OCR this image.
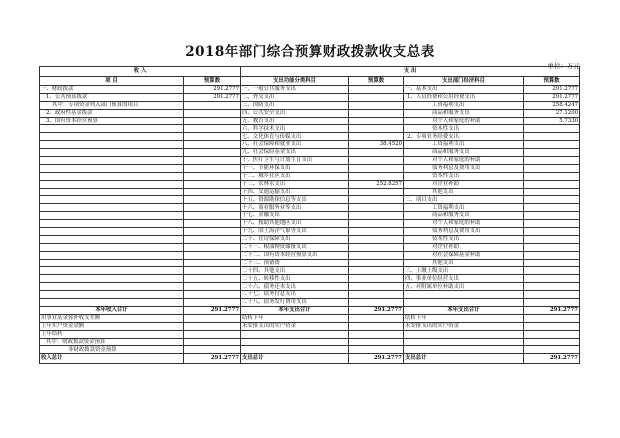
2018年部门综合预算财政拨款收支总表
单位：万元
收 入		支 出			
项 目	预算数	支出功能分类科目	预算数	支出部门经济科目	预算数
一、财政拨款	291.2777	一、一般公共服务支出		一、基本支出	291.2777
1、公共预算拨款	291.2777	二、外交支出		1、人员经费和公用经费支出	291.2777
其中：专项资金列入部门预算的项目		三、国防支出		工资福利支出	258.4247
2、政府性基金拨款		四、公共安全支出		商品和服务支出	27.1200
3、国有资本经营预算		五、教育支出		对个人和家庭的补助	5.7330
		六、科学技术支出		资本性支出	
		七、文化体育与传媒支出		2、专项业务经费支出	
		八、社会保障和就业支出	38.4520	工资福利支出	
		九、社会保险基金支出		商品和服务支出	
		十、医疗卫生与计划生育支出		对个人和家庭的补助	
		十一、节能环保支出		债务利息及费用支出	
		十二、城乡社区支出		资本性支出	
		十三、农林水支出	252.8257	对企业补助	
		十四、交通运输支出		其他支出	
		十五、资源勘探信息等支出		二、项目支出	
		十六、商业服务业等支出		工资福利支出	
		十七、金融支出		商品和服务支出	
		十八、援助其他地区支出		对个人和家庭的补助	
		十九、国土海洋气象等支出		债务利息及费用支出	
		二十、住房保障支出		资本性支出	
		二十一、粮油物资储备支出		对企业补助	
		二十二、国有资本经营预算支出		对社会保障基金补助	
		二十三、预备费		其他支出	
		二十四、其他支出		三、上缴上级支出	
		二十五、转移性支出		四、事业单位经营支出	
		二十六、债务还本支出		五、对附属单位补助支出	
		二十七、债务付息支出			
		二十八、债务发行费用支出			
本年收入合计	291.2777	本年支出合计	291.2777	本年支出合计	291.2777
用事业基金弥补收支差额		结转下年		结转下年	
上年实户资金余额		未安排支出的实户资金		未安排支出的实户资金	
上年结转					
其中：财政拨款资金预算					
非财政拨款资金预算					
收入总计	291.2777	支出总计	291.2777	支出总计	291.2777
